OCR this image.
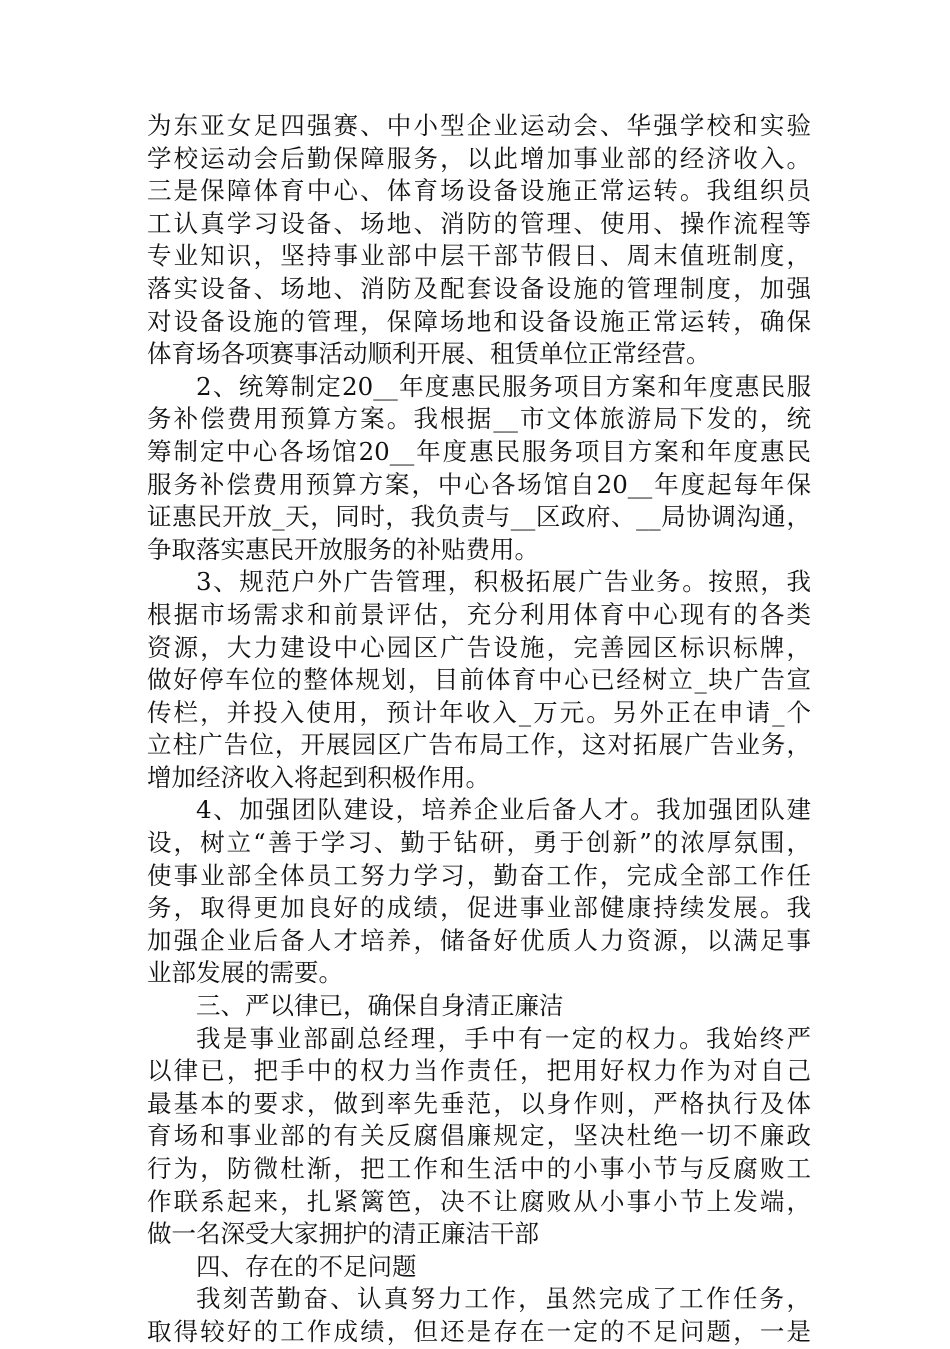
为东亚女足四强赛、中小型企业运动会、华强学校和实验
学校运动会后勤保障服务，以此增加事业部的经济收入。
三是保障体育中心、体育场设备设施正常运转。我组织员
工认真学习设备、场地、消防的管理、使用、操作流程等
专业知识，坚持事业部中层干部节假日、周末值班制度，
落实设备、场地、消防及配套设备设施的管理制度，加强
对设备设施的管理，保障场地和设备设施正常运转，确保
体育场各项赛事活动顺利开展、租赁单位正常经营。
2、统筹制定20__年度惠民服务项目方案和年度惠民服
务补偿费用预算方案。我根据__市文体旅游局下发的，统
筹制定中心各场馆20__年度惠民服务项目方案和年度惠民
服务补偿费用预算方案，中心各场馆自20__年度起每年保
证惠民开放_天，同时，我负责与__区政府、__局协调沟通，
争取落实惠民开放服务的补贴费用。
3、规范户外广告管理，积极拓展广告业务。按照，我
根据市场需求和前景评估，充分利用体育中心现有的各类
资源，大力建设中心园区广告设施，完善园区标识标牌，
做好停车位的整体规划，目前体育中心已经树立_块广告宣
传栏，并投入使用，预计年收入_万元。另外正在申请_个
立柱广告位，开展园区广告布局工作，这对拓展广告业务，
增加经济收入将起到积极作用。
4、加强团队建设，培养企业后备人才。我加强团队建
设，树立“善于学习、勤于钻研，勇于创新”的浓厚氛围，
使事业部全体员工努力学习，勤奋工作，完成全部工作任
务，取得更加良好的成绩，促进事业部健康持续发展。我
加强企业后备人才培养，储备好优质人力资源，以满足事
业部发展的需要。
三、严以律已，确保自身清正廉洁
我是事业部副总经理，手中有一定的权力。我始终严
以律已，把手中的权力当作责任，把用好权力作为对自己
最基本的要求，做到率先垂范，以身作则，严格执行及体
育场和事业部的有关反腐倡廉规定，坚决杜绝一切不廉政
行为，防微杜渐，把工作和生活中的小事小节与反腐败工
作联系起来，扎紧篱笆，决不让腐败从小事小节上发端，
做一名深受大家拥护的清正廉洁干部
四、存在的不足问题
我刻苦勤奋、认真努力工作，虽然完成了工作任务，
取得较好的工作成绩，但还是存在一定的不足问题，一是
